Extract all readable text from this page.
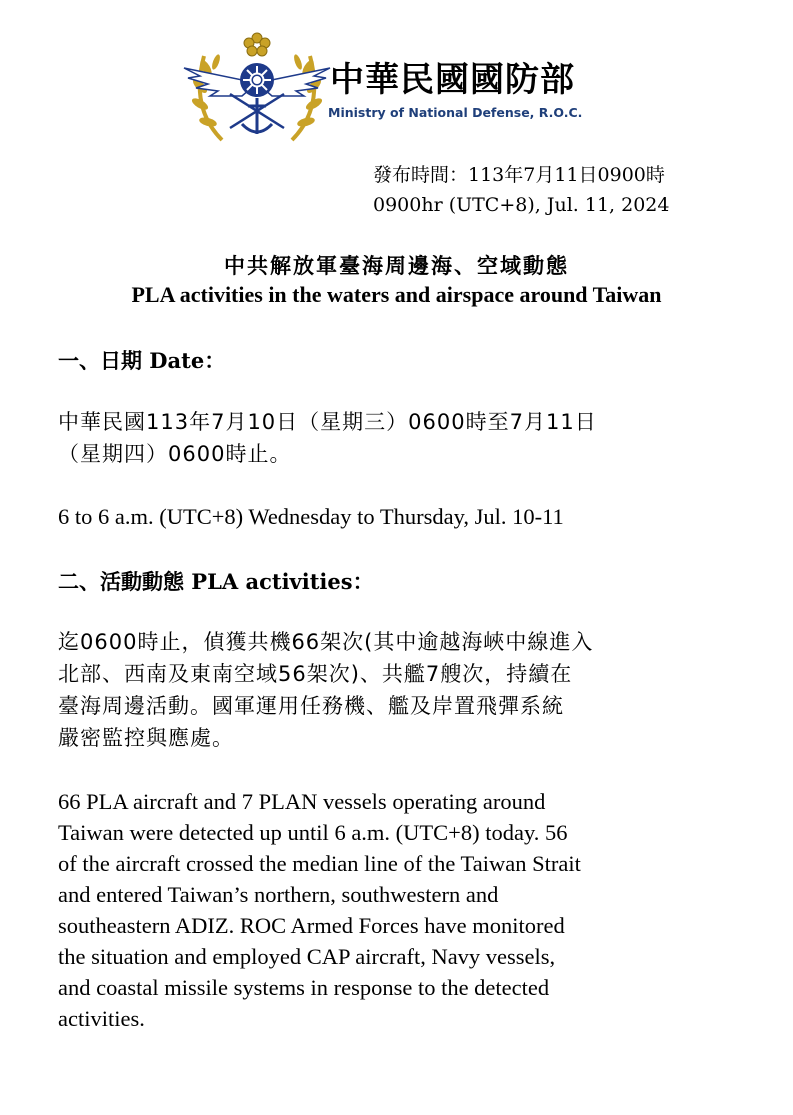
中華民國國防部
Ministry of National Defense, R.O.C.
發布時間：113年7月11日0900時
0900hr (UTC+8), Jul. 11, 2024
中共解放軍臺海周邊海、空域動態
PLA activities in the waters and airspace around Taiwan
一、日期 Date：
中華民國113年7月10日（星期三）0600時至7月11日
（星期四）0600時止。
6 to 6 a.m. (UTC+8) Wednesday to Thursday, Jul. 10-11
二、活動動態 PLA activities：
迄0600時止，偵獲共機66架次(其中逾越海峽中線進入
北部、西南及東南空域56架次)、共艦7艘次，持續在
臺海周邊活動。國軍運用任務機、艦及岸置飛彈系統
嚴密監控與應處。
66 PLA aircraft and 7 PLAN vessels operating around
Taiwan were detected up until 6 a.m. (UTC+8) today. 56
of the aircraft crossed the median line of the Taiwan Strait
and entered Taiwan’s northern, southwestern and
southeastern ADIZ. ROC Armed Forces have monitored
the situation and employed CAP aircraft, Navy vessels,
and coastal missile systems in response to the detected
activities.
